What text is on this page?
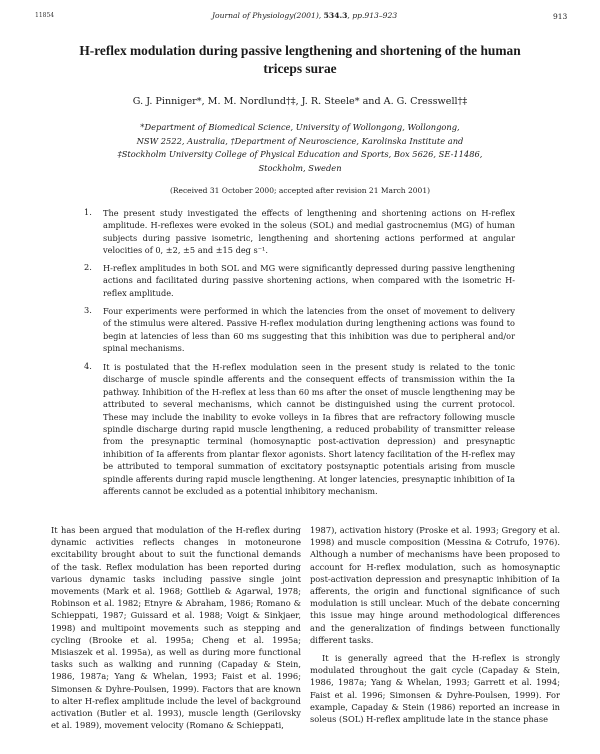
11854	Journal of Physiology(2001), 534.3, pp.913–923	913
H-reflex modulation during passive lengthening and shortening of the human triceps surae
G. J. Pinniger*, M. M. Nordlund†‡, J. R. Steele* and A. G. Cresswell†‡
*Department of Biomedical Science, University of Wollongong, Wollongong,
NSW 2522, Australia, †Department of Neuroscience, Karolinska Institute and
‡Stockholm University College of Physical Education and Sports, Box 5626, SE-11486,
Stockholm, Sweden
(Received 31 October 2000; accepted after revision 21 March 2001)
1. The present study investigated the effects of lengthening and shortening actions on H-reflex amplitude. H-reflexes were evoked in the soleus (SOL) and medial gastrocnemius (MG) of human subjects during passive isometric, lengthening and shortening actions performed at angular velocities of 0, ±2, ±5 and ±15 deg s⁻¹.
2. H-reflex amplitudes in both SOL and MG were significantly depressed during passive lengthening actions and facilitated during passive shortening actions, when compared with the isometric H-reflex amplitude.
3. Four experiments were performed in which the latencies from the onset of movement to delivery of the stimulus were altered. Passive H-reflex modulation during lengthening actions was found to begin at latencies of less than 60 ms suggesting that this inhibition was due to peripheral and/or spinal mechanisms.
4. It is postulated that the H-reflex modulation seen in the present study is related to the tonic discharge of muscle spindle afferents and the consequent effects of transmission within the Ia pathway. Inhibition of the H-reflex at less than 60 ms after the onset of muscle lengthening may be attributed to several mechanisms, which cannot be distinguished using the current protocol. These may include the inability to evoke volleys in Ia fibres that are refractory following muscle spindle discharge during rapid muscle lengthening, a reduced probability of transmitter release from the presynaptic terminal (homosynaptic post-activation depression) and presynaptic inhibition of Ia afferents from plantar flexor agonists. Short latency facilitation of the H-reflex may be attributed to temporal summation of excitatory postsynaptic potentials arising from muscle spindle afferents during rapid muscle lengthening. At longer latencies, presynaptic inhibition of Ia afferents cannot be excluded as a potential inhibitory mechanism.

It has been argued that modulation of the H-reflex during dynamic activities reflects changes in motoneurone excitability brought about to suit the functional demands of the task. Reflex modulation has been reported during various dynamic tasks including passive single joint movements (Mark et al. 1968; Gottlieb & Agarwal, 1978; Robinson et al. 1982; Etnyre & Abraham, 1986; Romano & Schieppati, 1987; Guissard et al. 1988; Voigt & Sinkjaer, 1998) and multipoint movements such as stepping and cycling (Brooke et al. 1995a; Cheng et al. 1995a; Misiaszek et al. 1995a), as well as during more functional tasks such as walking and running (Capaday & Stein, 1986, 1987a; Yang & Whelan, 1993; Faist et al. 1996; Simonsen & Dyhre-Poulsen, 1999). Factors that are known to alter H-reflex amplitude include the level of background activation (Butler et al. 1993), muscle length (Gerilovsky et al. 1989), movement velocity (Romano & Schieppati,

1987), activation history (Proske et al. 1993; Gregory et al. 1998) and muscle composition (Messina & Cotrufo, 1976). Although a number of mechanisms have been proposed to account for H-reflex modulation, such as homosynaptic post-activation depression and presynaptic inhibition of Ia afferents, the origin and functional significance of such modulation is still unclear. Much of the debate concerning this issue may hinge around methodological differences and the generalization of findings between functionally different tasks.

It is generally agreed that the H-reflex is strongly modulated throughout the gait cycle (Capaday & Stein, 1986, 1987a; Yang & Whelan, 1993; Garrett et al. 1994; Faist et al. 1996; Simonsen & Dyhre-Poulsen, 1999). For example, Capaday & Stein (1986) reported an increase in soleus (SOL) H-reflex amplitude late in the stance phase
